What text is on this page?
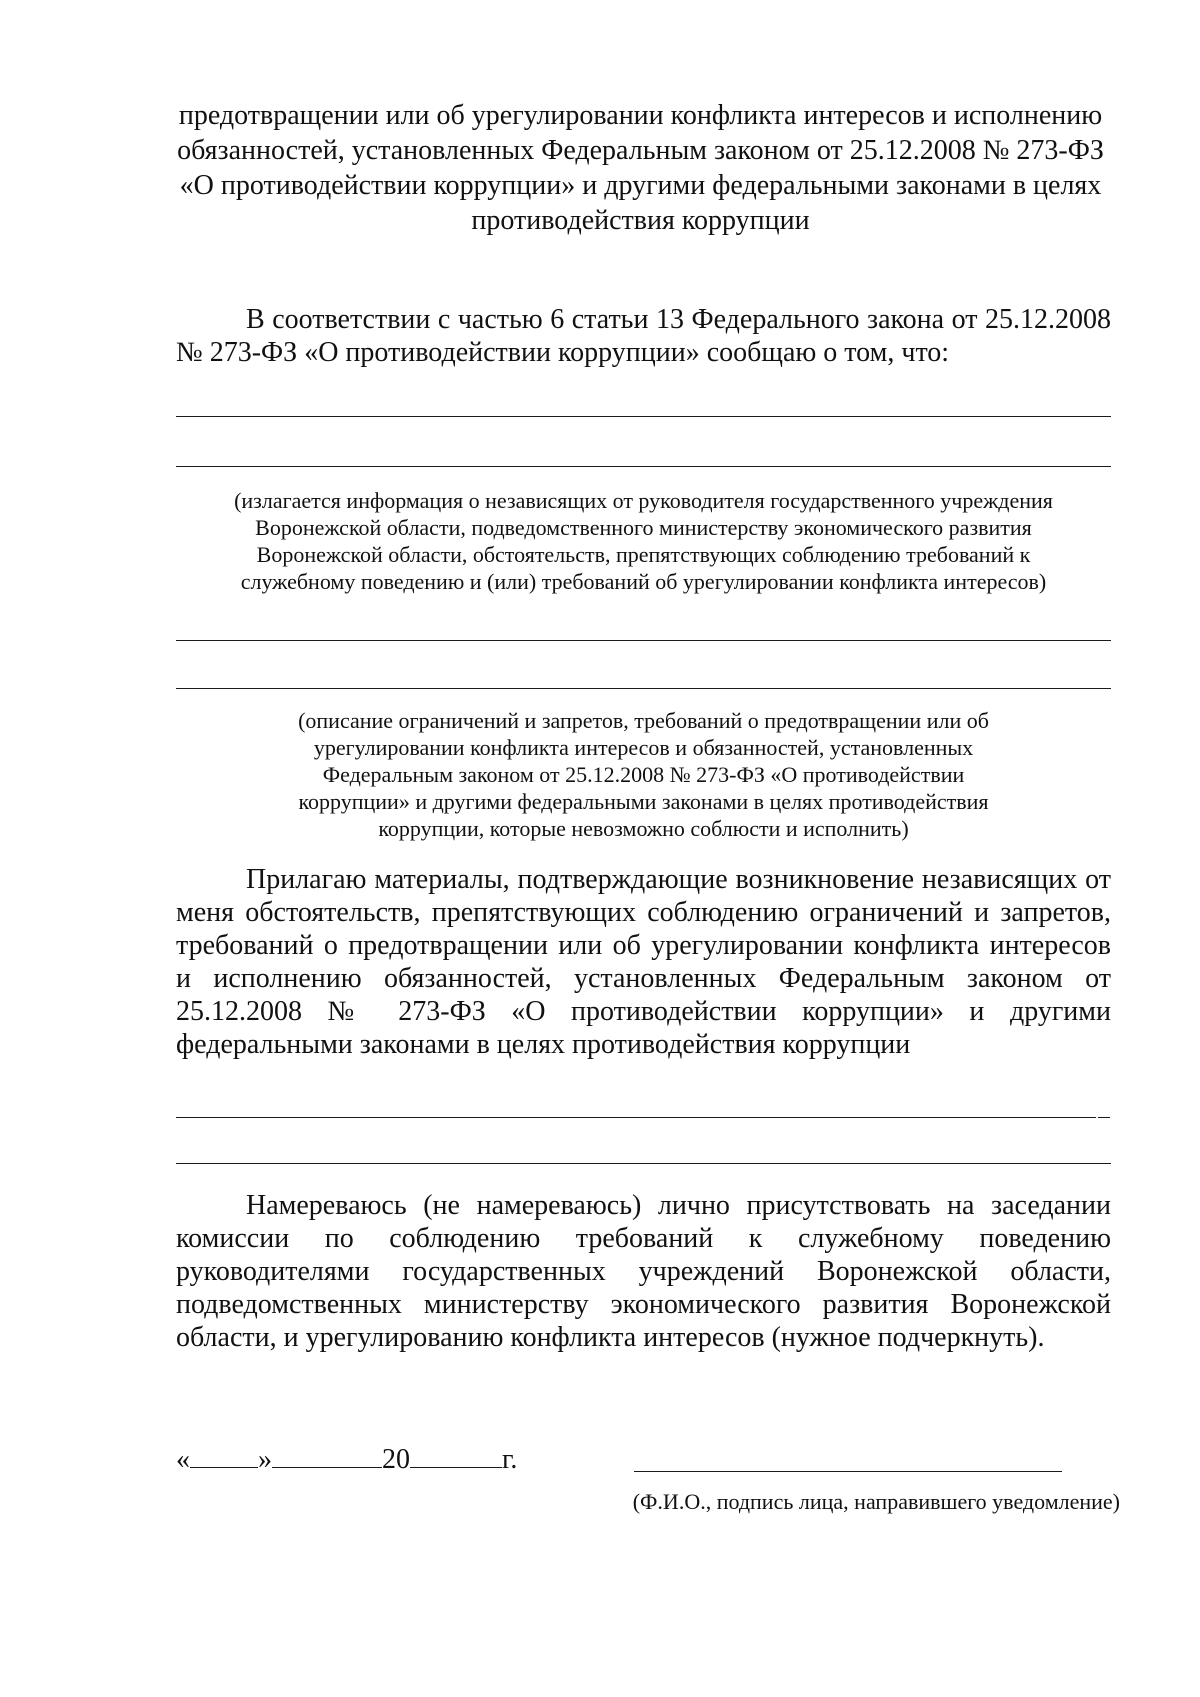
предотвращении или об урегулировании конфликта интересов и исполнению
обязанностей, установленных Федеральным законом от 25.12.2008 № 273-ФЗ
«О противодействии коррупции» и другими федеральными законами в целях
противодействия коррупции

В соответствии с частью 6 статьи 13 Федерального закона от 25.12.2008
№ 273-ФЗ «О противодействии коррупции» сообщаю о том, что:

(излагается информация о независящих от руководителя государственного учреждения
Воронежской области, подведомственного министерству экономического развития
Воронежской области, обстоятельств, препятствующих соблюдению требований к
служебному поведению и (или) требований об урегулировании конфликта интересов)
(описание ограничений и запретов, требований о предотвращении или об
урегулировании конфликта интересов и обязанностей, установленных
Федеральным законом от 25.12.2008 № 273-ФЗ «О противодействии
коррупции» и другими федеральными законами в целях противодействия
коррупции, которые невозможно соблюсти и исполнить)

Прилагаю материалы, подтверждающие возникновение независящих от
меня обстоятельств, препятствующих соблюдению ограничений и запретов,
требований о предотвращении или об урегулировании конфликта интересов
и исполнению обязанностей, установленных Федеральным законом от
25.12.2008 № 273-ФЗ «О противодействии коррупции» и другими
федеральными законами в целях противодействия коррупции

Намереваюсь (не намереваюсь) лично присутствовать на заседании
комиссии по соблюдению требований к служебному поведению
руководителями государственных учреждений Воронежской области,
подведомственных министерству экономического развития Воронежской
области, и урегулированию конфликта интересов (нужное подчеркнуть).

« »	20	г.
(Ф.И.О., подпись лица, направившего уведомление)
